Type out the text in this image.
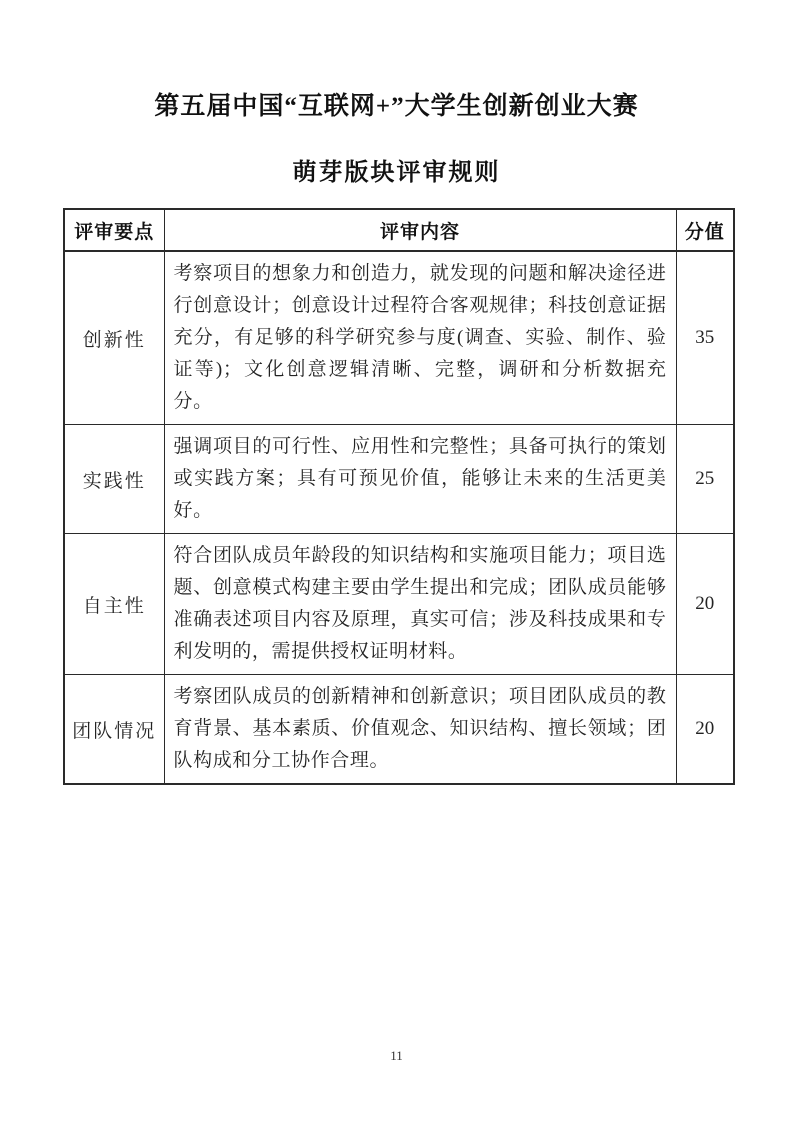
第五届中国“互联网+”大学生创新创业大赛
萌芽版块评审规则
评审要点	评审内容	分值
创新性	考察项目的想象力和创造力，就发现的问题和解决途径进行创意设计；创意设计过程符合客观规律；科技创意证据充分，有足够的科学研究参与度(调查、实验、制作、验证等)；文化创意逻辑清晰、完整，调研和分析数据充分。	35
实践性	强调项目的可行性、应用性和完整性；具备可执行的策划或实践方案；具有可预见价值，能够让未来的生活更美好。	25
自主性	符合团队成员年龄段的知识结构和实施项目能力；项目选题、创意模式构建主要由学生提出和完成；团队成员能够准确表述项目内容及原理，真实可信；涉及科技成果和专利发明的，需提供授权证明材料。	20
团队情况	考察团队成员的创新精神和创新意识；项目团队成员的教育背景、基本素质、价值观念、知识结构、擅长领域；团队构成和分工协作合理。	20
11
